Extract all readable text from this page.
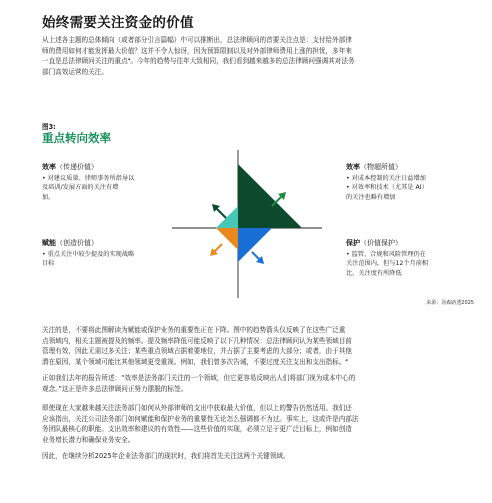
始终需要关注资金的价值
从上述各主题的总体倾向（或者部分引言篇幅）中可以推断出，总法律顾问的首要关注点是：支付给外部律
师的费用如何才能发挥最大价值？这并不令人惊讶，因为预算限制以及对外部律师费用上涨的担忧，多年来
一直是总法律顾问关注的重点⁴。今年的趋势与往年大致相同，我们看到越来越多的总法律顾问强调其对法务
部门高效运营的关注。
图3:
重点转向效率
效率（传递价值）
• 对建议质量、律师事务所指导以
及培训/发展方面的关注有增
加。
赋能（创造价值）
• 重点关注中较少提及的实现战略
目标
效率（物超所值）
• 对成本控制的关注日益增加
• 对效率和技术（尤其是 AI）
的关注也略有增加
保护（价值保护）
• 监管、合规和风险管理仍在
关注范围内，但与12个月前相
比，关注度有所降低
来源：汤森路透2025
关注的是，不要将此图解读为赋能或保护业务的重要性正在下降。图中的趋势箭头仅反映了在这些广泛重
点领域内，相关主题被提及的频率。提及频率降低可能反映了以下几种情况：总法律顾问认为某些领域目前
管理有效，因此无需过多关注；某些重点领域占据着要地位，并占据了主要考虑的大部分；或者，由于其他
潜在原因，某个领域可能比其他领域更受重视。例如，我们曾多次告诫，不要过度关注支出和支出指标。⁴
正如我们去年的报告所述：“效率是法务部门关注的一个领域，但它更容易反映出人们将部门视为成本中心的
观念。”这正是许多总法律顾问正努力摆脱的标签。
即使现在大家越来越关注法务部门如何从外部律师的支出中获取最大价值，但以上的警告仍然适用。我们还
应该指出，关注公司法务部门如何赋能和保护业务的重要性无论怎么强调都不为过。事实上，这或许是内部法
务团队最核心的职能。支出效率和建议的有效性——这些价值的实现，必须立足于更广泛目标上，例如创造
业务增长潜力和确保业务安全。
因此，在继续分析2025年企业法务部门的现状时，我们将首先关注这两个关键领域。
